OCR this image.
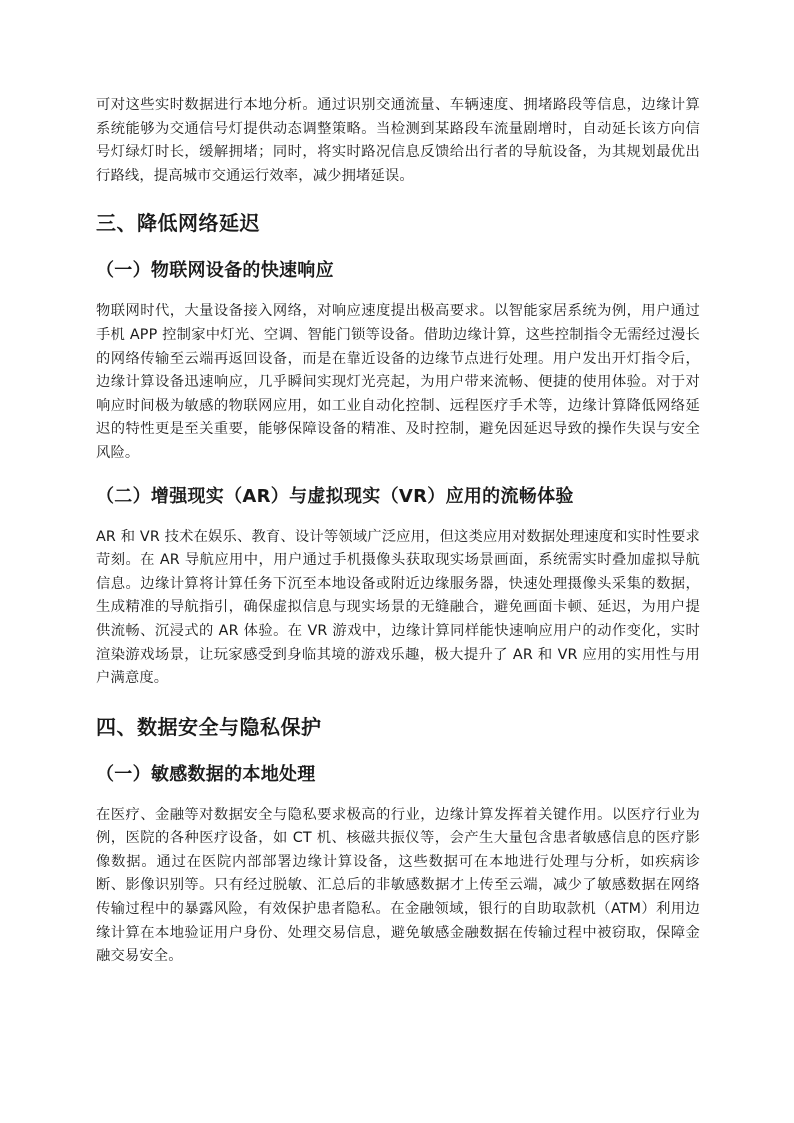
可对这些实时数据进行本地分析。通过识别交通流量、车辆速度、拥堵路段等信息，边缘计算系统能够为交通信号灯提供动态调整策略。当检测到某路段车流量剧增时，自动延长该方向信号灯绿灯时长，缓解拥堵；同时，将实时路况信息反馈给出行者的导航设备，为其规划最优出行路线，提高城市交通运行效率，减少拥堵延误。

三、降低网络延迟
（一）物联网设备的快速响应

物联网时代，大量设备接入网络，对响应速度提出极高要求。以智能家居系统为例，用户通过手机 APP 控制家中灯光、空调、智能门锁等设备。借助边缘计算，这些控制指令无需经过漫长的网络传输至云端再返回设备，而是在靠近设备的边缘节点进行处理。用户发出开灯指令后，边缘计算设备迅速响应，几乎瞬间实现灯光亮起，为用户带来流畅、便捷的使用体验。对于对响应时间极为敏感的物联网应用，如工业自动化控制、远程医疗手术等，边缘计算降低网络延迟的特性更是至关重要，能够保障设备的精准、及时控制，避免因延迟导致的操作失误与安全风险。

（二）增强现实（AR）与虚拟现实（VR）应用的流畅体验

AR 和 VR 技术在娱乐、教育、设计等领域广泛应用，但这类应用对数据处理速度和实时性要求苛刻。在 AR 导航应用中，用户通过手机摄像头获取现实场景画面，系统需实时叠加虚拟导航信息。边缘计算将计算任务下沉至本地设备或附近边缘服务器，快速处理摄像头采集的数据，生成精准的导航指引，确保虚拟信息与现实场景的无缝融合，避免画面卡顿、延迟，为用户提供流畅、沉浸式的 AR 体验。在 VR 游戏中，边缘计算同样能快速响应用户的动作变化，实时渲染游戏场景，让玩家感受到身临其境的游戏乐趣，极大提升了 AR 和 VR 应用的实用性与用户满意度。

四、数据安全与隐私保护
（一）敏感数据的本地处理

在医疗、金融等对数据安全与隐私要求极高的行业，边缘计算发挥着关键作用。以医疗行业为例，医院的各种医疗设备，如 CT 机、核磁共振仪等，会产生大量包含患者敏感信息的医疗影像数据。通过在医院内部部署边缘计算设备，这些数据可在本地进行处理与分析，如疾病诊断、影像识别等。只有经过脱敏、汇总后的非敏感数据才上传至云端，减少了敏感数据在网络传输过程中的暴露风险，有效保护患者隐私。在金融领域，银行的自助取款机（ATM）利用边缘计算在本地验证用户身份、处理交易信息，避免敏感金融数据在传输过程中被窃取，保障金融交易安全。
